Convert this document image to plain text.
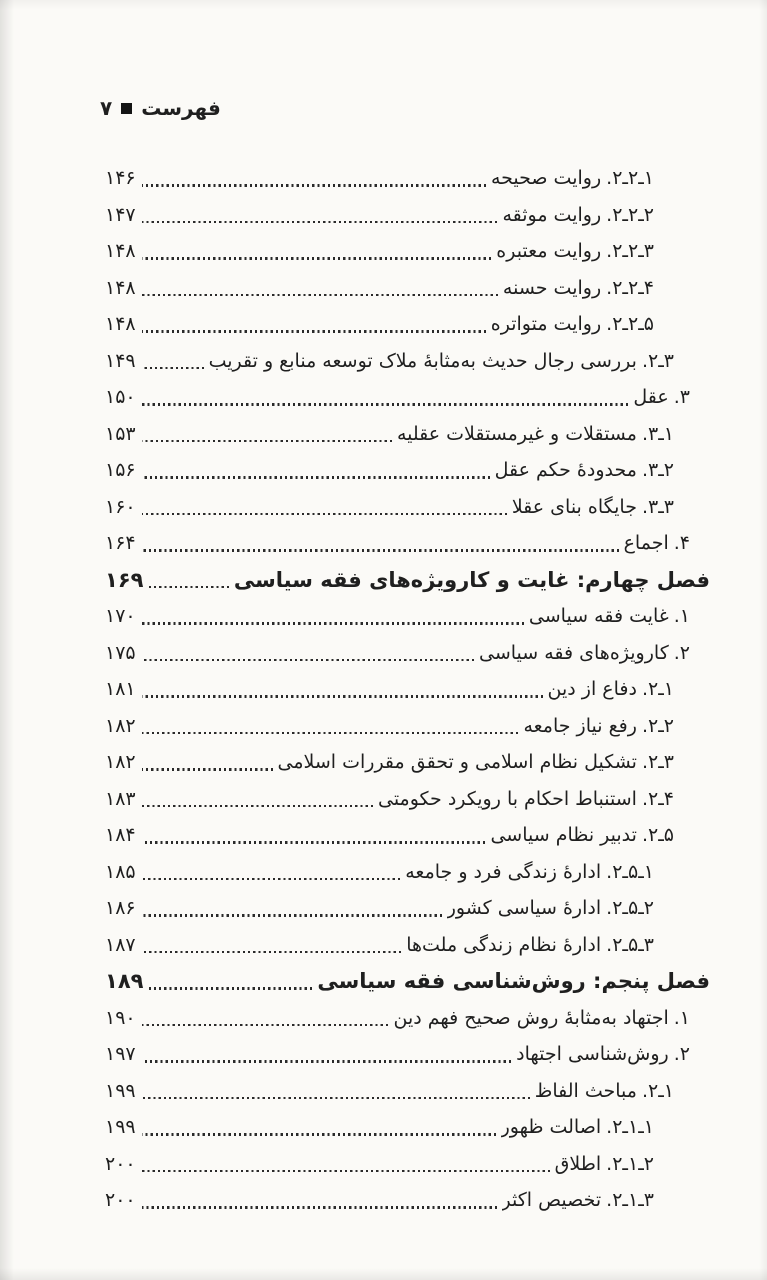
فهرست
۷
۱ـ۲ـ۲.روایت صحیحه
۱۴۶
۲ـ۲ـ۲.روایت موثقه
۱۴۷
۳ـ۲ـ۲.روایت معتبره
۱۴۸
۴ـ۲ـ۲.روایت حسنه
۱۴۸
۵ـ۲ـ۲.روایت متواتره
۱۴۸
۳ـ۲.بررسی رجال حدیث به‌مثابۀ ملاک توسعه منابع و تقریب
۱۴۹
۳.عقل
۱۵۰
۱ـ۳.مستقلات و غیرمستقلات عقلیه
۱۵۳
۲ـ۳.محدودۀ حکم عقل
۱۵۶
۳ـ۳.جایگاه بنای عقلا
۱۶۰
۴.اجماع
۱۶۴
فصل چهارم: غایت و کارویژه‌های فقه سیاسی
۱۶۹
۱.غایت فقه سیاسی
۱۷۰
۲.کارویژه‌های فقه سیاسی
۱۷۵
۱ـ۲.دفاع از دین
۱۸۱
۲ـ۲.رفع نیاز جامعه
۱۸۲
۳ـ۲.تشکیل نظام اسلامی و تحقق مقررات اسلامی
۱۸۲
۴ـ۲.استنباط احکام با رویکرد حکومتی
۱۸۳
۵ـ۲.تدبیر نظام سیاسی
۱۸۴
۱ـ۵ـ۲.ادارۀ زندگی فرد و جامعه
۱۸۵
۲ـ۵ـ۲.ادارۀ سیاسی کشور
۱۸۶
۳ـ۵ـ۲.ادارۀ نظام زندگی ملت‌ها
۱۸۷
فصل پنجم: روش‌شناسی فقه سیاسی
۱۸۹
۱.اجتهاد به‌مثابۀ روش صحیح فهم دین
۱۹۰
۲.روش‌شناسی اجتهاد
۱۹۷
۱ـ۲.مباحث الفاظ
۱۹۹
۱ـ۱ـ۲.اصالت ظهور
۱۹۹
۲ـ۱ـ۲.اطلاق
۲۰۰
۳ـ۱ـ۲.تخصیص اکثر
۲۰۰
